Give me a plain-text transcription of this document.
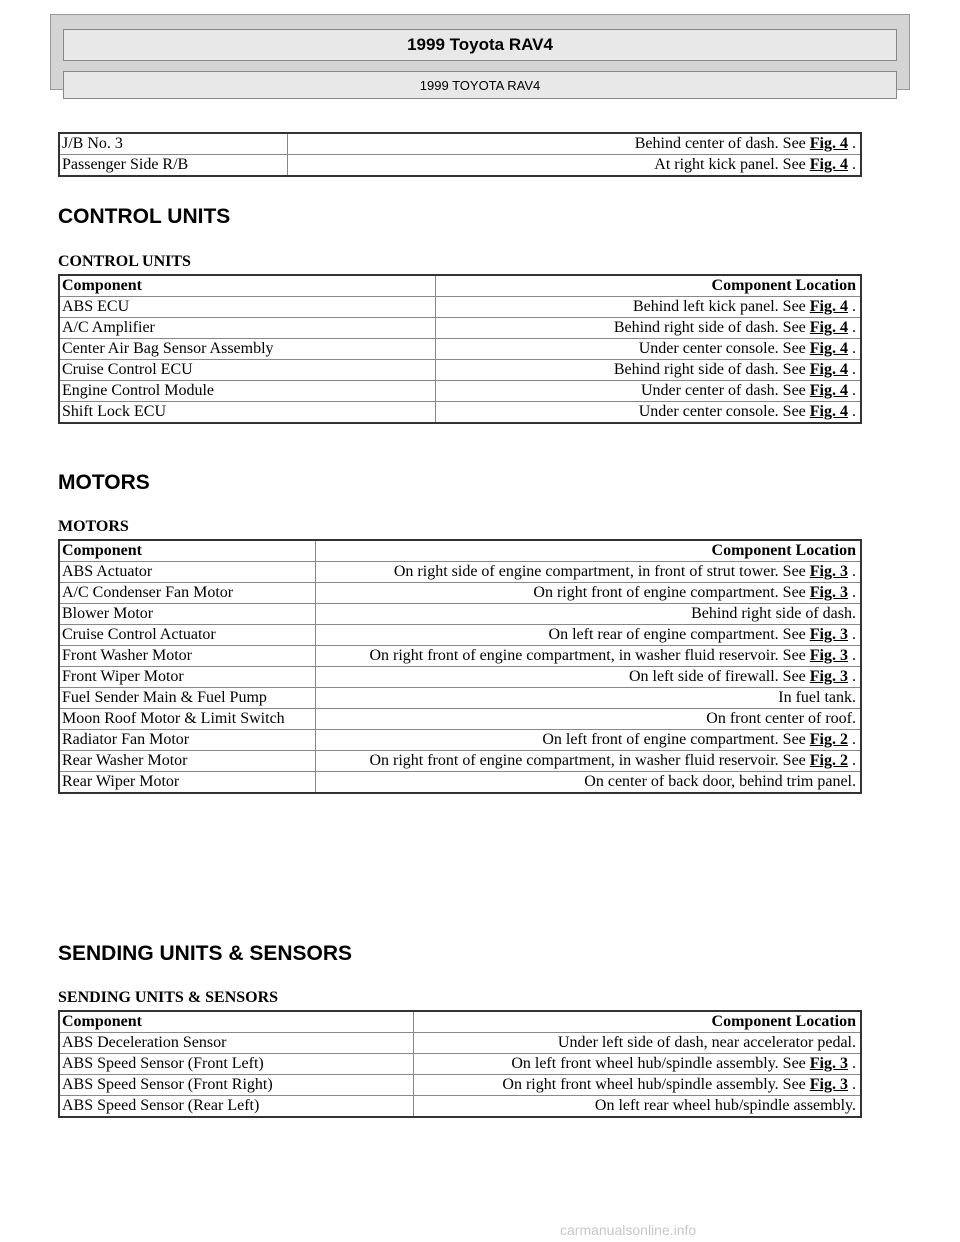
1999 Toyota RAV4
1999 TOYOTA RAV4
J/B No. 3	Behind center of dash. See Fig. 4 .
Passenger Side R/B	At right kick panel. See Fig. 4 .
CONTROL UNITS
CONTROL UNITS
Component	Component Location
ABS ECU	Behind left kick panel. See Fig. 4 .
A/C Amplifier	Behind right side of dash. See Fig. 4 .
Center Air Bag Sensor Assembly	Under center console. See Fig. 4 .
Cruise Control ECU	Behind right side of dash. See Fig. 4 .
Engine Control Module	Under center of dash. See Fig. 4 .
Shift Lock ECU	Under center console. See Fig. 4 .
MOTORS
MOTORS
Component	Component Location
ABS Actuator	On right side of engine compartment, in front of strut tower. See Fig. 3 .
A/C Condenser Fan Motor	On right front of engine compartment. See Fig. 3 .
Blower Motor	Behind right side of dash.
Cruise Control Actuator	On left rear of engine compartment. See Fig. 3 .
Front Washer Motor	On right front of engine compartment, in washer fluid reservoir. See Fig. 3 .
Front Wiper Motor	On left side of firewall. See Fig. 3 .
Fuel Sender Main & Fuel Pump	In fuel tank.
Moon Roof Motor & Limit Switch	On front center of roof.
Radiator Fan Motor	On left front of engine compartment. See Fig. 2 .
Rear Washer Motor	On right front of engine compartment, in washer fluid reservoir. See Fig. 2 .
Rear Wiper Motor	On center of back door, behind trim panel.
SENDING UNITS & SENSORS
SENDING UNITS & SENSORS
Component	Component Location
ABS Deceleration Sensor	Under left side of dash, near accelerator pedal.
ABS Speed Sensor (Front Left)	On left front wheel hub/spindle assembly. See Fig. 3 .
ABS Speed Sensor (Front Right)	On right front wheel hub/spindle assembly. See Fig. 3 .
ABS Speed Sensor (Rear Left)	On left rear wheel hub/spindle assembly.
carmanualsonline.info
